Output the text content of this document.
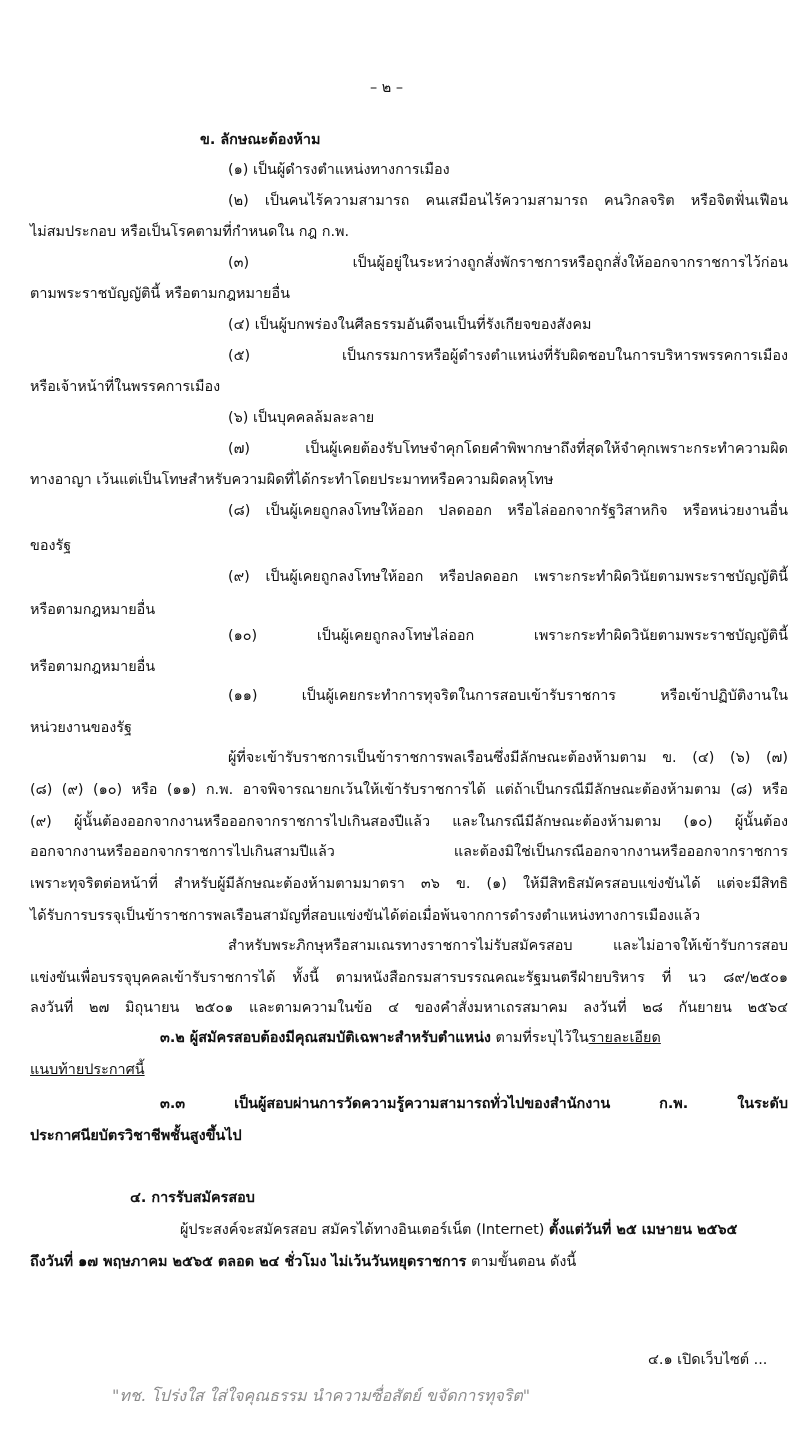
– ๒ –
ข. ลักษณะต้องห้าม
(๑) เป็นผู้ดำรงตำแหน่งทางการเมือง
(๒) เป็นคนไร้ความสามารถ คนเสมือนไร้ความสามารถ คนวิกลจริต หรือจิตฟั่นเฟือน
ไม่สมประกอบ หรือเป็นโรคตามที่กำหนดใน กฎ ก.พ.
(๓) เป็นผู้อยู่ในระหว่างถูกสั่งพักราชการหรือถูกสั่งให้ออกจากราชการไว้ก่อน
ตามพระราชบัญญัตินี้ หรือตามกฎหมายอื่น
(๔) เป็นผู้บกพร่องในศีลธรรมอันดีจนเป็นที่รังเกียจของสังคม
(๕) เป็นกรรมการหรือผู้ดำรงตำแหน่งที่รับผิดชอบในการบริหารพรรคการเมือง
หรือเจ้าหน้าที่ในพรรคการเมือง
(๖) เป็นบุคคลล้มละลาย
(๗) เป็นผู้เคยต้องรับโทษจำคุกโดยคำพิพากษาถึงที่สุดให้จำคุกเพราะกระทำความผิด
ทางอาญา เว้นแต่เป็นโทษสำหรับความผิดที่ได้กระทำโดยประมาทหรือความผิดลหุโทษ
(๘) เป็นผู้เคยถูกลงโทษให้ออก ปลดออก หรือไล่ออกจากรัฐวิสาหกิจ หรือหน่วยงานอื่น
ของรัฐ
(๙) เป็นผู้เคยถูกลงโทษให้ออก หรือปลดออก เพราะกระทำผิดวินัยตามพระราชบัญญัตินี้
หรือตามกฎหมายอื่น
(๑๐) เป็นผู้เคยถูกลงโทษไล่ออก เพราะกระทำผิดวินัยตามพระราชบัญญัตินี้
หรือตามกฎหมายอื่น
(๑๑) เป็นผู้เคยกระทำการทุจริตในการสอบเข้ารับราชการ หรือเข้าปฏิบัติงานใน
หน่วยงานของรัฐ
ผู้ที่จะเข้ารับราชการเป็นข้าราชการพลเรือนซึ่งมีลักษณะต้องห้ามตาม ข. (๔) (๖) (๗)
(๘) (๙) (๑๐) หรือ (๑๑) ก.พ. อาจพิจารณายกเว้นให้เข้ารับราชการได้ แต่ถ้าเป็นกรณีมีลักษณะต้องห้ามตาม (๘) หรือ
(๙) ผู้นั้นต้องออกจากงานหรือออกจากราชการไปเกินสองปีแล้ว และในกรณีมีลักษณะต้องห้ามตาม (๑๐) ผู้นั้นต้อง
ออกจากงานหรือออกจากราชการไปเกินสามปีแล้ว และต้องมิใช่เป็นกรณีออกจากงานหรือออกจากราชการ
เพราะทุจริตต่อหน้าที่ สำหรับผู้มีลักษณะต้องห้ามตามมาตรา ๓๖ ข. (๑) ให้มีสิทธิสมัครสอบแข่งขันได้ แต่จะมีสิทธิ
ได้รับการบรรจุเป็นข้าราชการพลเรือนสามัญที่สอบแข่งขันได้ต่อเมื่อพ้นจากการดำรงตำแหน่งทางการเมืองแล้ว
สำหรับพระภิกษุหรือสามเณรทางราชการไม่รับสมัครสอบ และไม่อาจให้เข้ารับการสอบ
แข่งขันเพื่อบรรจุบุคคลเข้ารับราชการได้ ทั้งนี้ ตามหนังสือกรมสารบรรณคณะรัฐมนตรีฝ่ายบริหาร ที่ นว ๘๙/๒๕๐๑
ลงวันที่ ๒๗ มิถุนายน ๒๕๐๑ และตามความในข้อ ๔ ของคำสั่งมหาเถรสมาคม ลงวันที่ ๒๘ กันยายน ๒๕๖๔
๓.๒ ผู้สมัครสอบต้องมีคุณสมบัติเฉพาะสำหรับตำแหน่ง ตามที่ระบุไว้ในรายละเอียด
แนบท้ายประกาศนี้
๓.๓ เป็นผู้สอบผ่านการวัดความรู้ความสามารถทั่วไปของสำนักงาน ก.พ. ในระดับ
ประกาศนียบัตรวิชาชีพชั้นสูงขึ้นไป
๔. การรับสมัครสอบ
ผู้ประสงค์จะสมัครสอบ สมัครได้ทางอินเตอร์เน็ต (Internet) ตั้งแต่วันที่ ๒๕ เมษายน ๒๕๖๕
ถึงวันที่ ๑๗ พฤษภาคม ๒๕๖๕ ตลอด ๒๔ ชั่วโมง ไม่เว้นวันหยุดราชการ ตามขั้นตอน ดังนี้
๔.๑ เปิดเว็บไซต์ ...
"ทช. โปร่งใส ใส่ใจคุณธรรม นำความซื่อสัตย์ ขจัดการทุจริต"
